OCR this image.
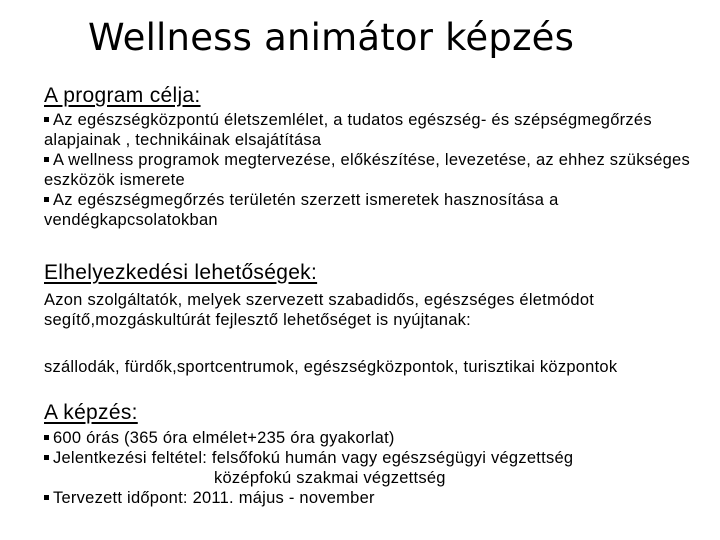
Wellness animátor képzés
A program célja:
Az egészségközpontú életszemlélet, a tudatos egészség- és szépségmegőrzés alapjainak , technikáinak elsajátítása
A wellness programok megtervezése, előkészítése, levezetése, az ehhez szükséges eszközök ismerete
Az egészségmegőrzés területén szerzett ismeretek hasznosítása a vendégkapcsolatokban
Elhelyezkedési lehetőségek:
Azon szolgáltatók, melyek szervezett szabadidős, egészséges életmódot segítő,mozgáskultúrát fejlesztő lehetőséget is nyújtanak:
szállodák, fürdők,sportcentrumok, egészségközpontok, turisztikai központok
A képzés:
600 órás (365 óra elmélet+235 óra gyakorlat)
Jelentkezési feltétel: felsőfokú humán vagy egészségügyi végzettség
középfokú szakmai végzettség
Tervezett időpont: 2011. május - november
